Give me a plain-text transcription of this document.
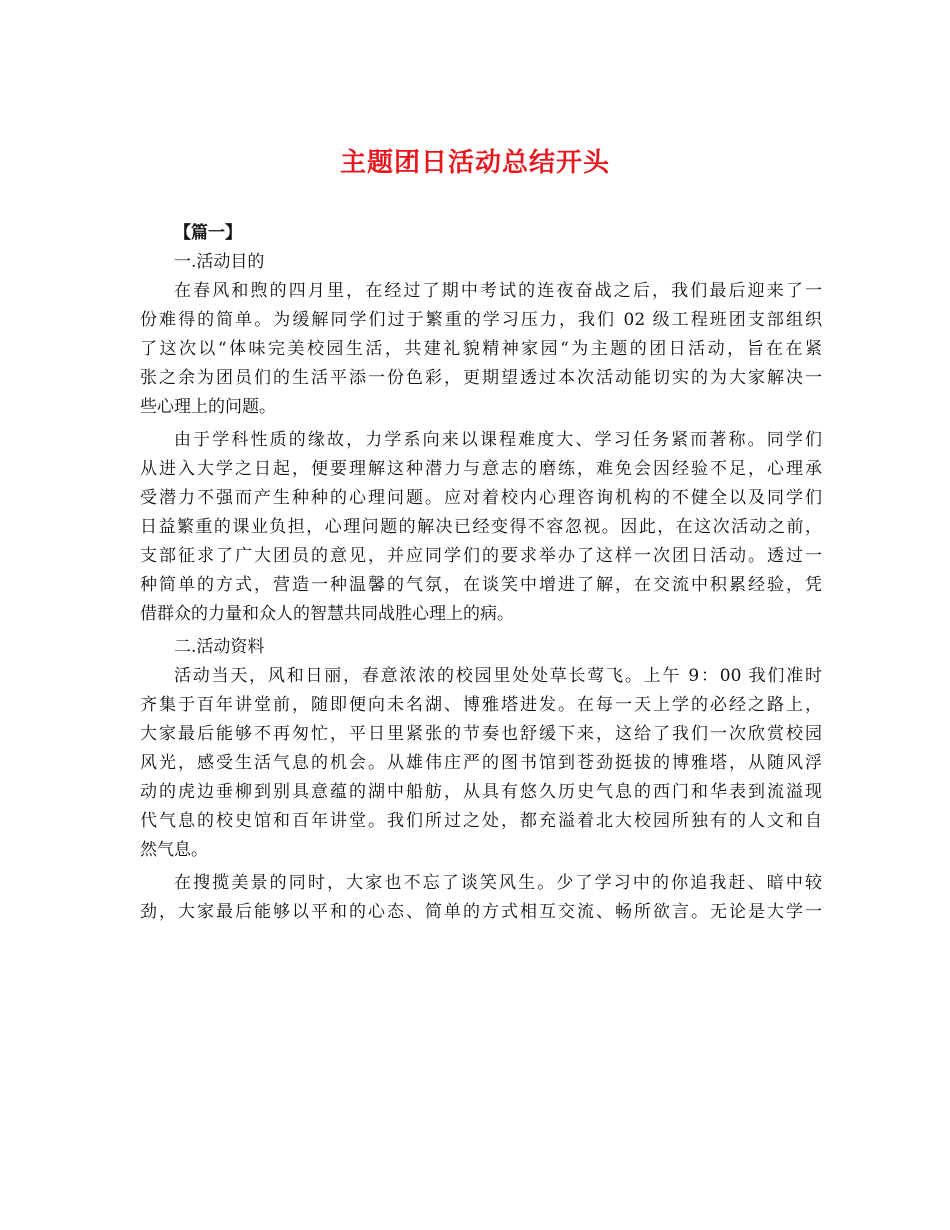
主题团日活动总结开头

【篇一】

一.活动目的

在春风和煦的四月里，在经过了期中考试的连夜奋战之后，我们最后迎来了一
份难得的简单。为缓解同学们过于繁重的学习压力，我们 02 级工程班团支部组织
了这次以“体味完美校园生活，共建礼貌精神家园“为主题的团日活动，旨在在紧
张之余为团员们的生活平添一份色彩，更期望透过本次活动能切实的为大家解决一
些心理上的问题。
由于学科性质的缘故，力学系向来以课程难度大、学习任务紧而著称。同学们
从进入大学之日起，便要理解这种潜力与意志的磨练，难免会因经验不足，心理承
受潜力不强而产生种种的心理问题。应对着校内心理咨询机构的不健全以及同学们
日益繁重的课业负担，心理问题的解决已经变得不容忽视。因此，在这次活动之前，
支部征求了广大团员的意见，并应同学们的要求举办了这样一次团日活动。透过一
种简单的方式，营造一种温馨的气氛，在谈笑中增进了解，在交流中积累经验，凭
借群众的力量和众人的智慧共同战胜心理上的病。

二.活动资料

活动当天，风和日丽，春意浓浓的校园里处处草长莺飞。上午 9：00 我们准时
齐集于百年讲堂前，随即便向未名湖、博雅塔进发。在每一天上学的必经之路上，
大家最后能够不再匆忙，平日里紧张的节奏也舒缓下来，这给了我们一次欣赏校园
风光，感受生活气息的机会。从雄伟庄严的图书馆到苍劲挺拔的博雅塔，从随风浮
动的虎边垂柳到别具意蕴的湖中船舫，从具有悠久历史气息的西门和华表到流溢现
代气息的校史馆和百年讲堂。我们所过之处，都充溢着北大校园所独有的人文和自
然气息。
在搜揽美景的同时，大家也不忘了谈笑风生。少了学习中的你追我赶、暗中较
劲，大家最后能够以平和的心态、简单的方式相互交流、畅所欲言。无论是大学一
